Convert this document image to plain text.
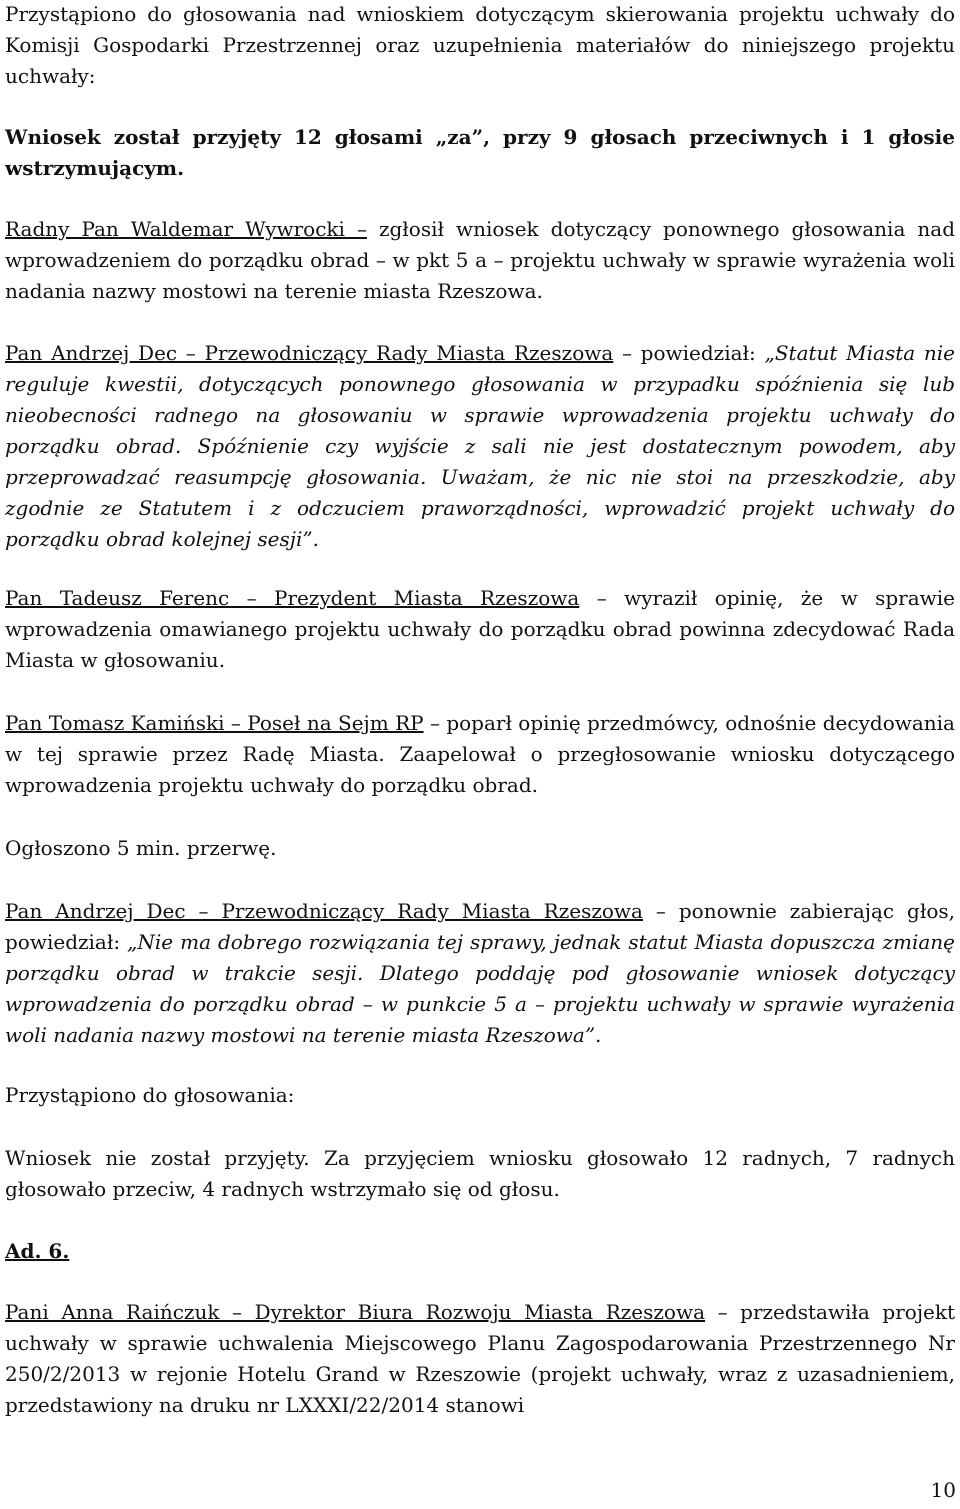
Przystąpiono do głosowania nad wnioskiem dotyczącym skierowania projektu uchwały do Komisji Gospodarki Przestrzennej oraz uzupełnienia materiałów do niniejszego projektu uchwały:

Wniosek został przyjęty 12 głosami „za”, przy 9 głosach przeciwnych i 1 głosie wstrzymującym.

Radny Pan Waldemar Wywrocki – zgłosił wniosek dotyczący ponownego głosowania nad wprowadzeniem do porządku obrad – w pkt 5 a – projektu uchwały w sprawie wyrażenia woli nadania nazwy mostowi na terenie miasta Rzeszowa.

Pan Andrzej Dec – Przewodniczący Rady Miasta Rzeszowa – powiedział: „Statut Miasta nie reguluje kwestii, dotyczących ponownego głosowania w przypadku spóźnienia się lub nieobecności radnego na głosowaniu w sprawie wprowadzenia projektu uchwały do porządku obrad. Spóźnienie czy wyjście z sali nie jest dostatecznym powodem, aby przeprowadzać reasumpcję głosowania. Uważam, że nic nie stoi na przeszkodzie, aby zgodnie ze Statutem i z odczuciem praworządności, wprowadzić projekt uchwały do porządku obrad kolejnej sesji”.

Pan Tadeusz Ferenc – Prezydent Miasta Rzeszowa – wyraził opinię, że w sprawie wprowadzenia omawianego projektu uchwały do porządku obrad powinna zdecydować Rada Miasta w głosowaniu.

Pan Tomasz Kamiński – Poseł na Sejm RP – poparł opinię przedmówcy, odnośnie decydowania w tej sprawie przez Radę Miasta. Zaapelował o przegłosowanie wniosku dotyczącego wprowadzenia projektu uchwały do porządku obrad.

Ogłoszono 5 min. przerwę.

Pan Andrzej Dec – Przewodniczący Rady Miasta Rzeszowa – ponownie zabierając głos, powiedział: „Nie ma dobrego rozwiązania tej sprawy, jednak statut Miasta dopuszcza zmianę porządku obrad w trakcie sesji. Dlatego poddaję pod głosowanie wniosek dotyczący wprowadzenia do porządku obrad – w punkcie 5 a – projektu uchwały w sprawie wyrażenia woli nadania nazwy mostowi na terenie miasta Rzeszowa”.

Przystąpiono do głosowania:

Wniosek nie został przyjęty. Za przyjęciem wniosku głosowało 12 radnych, 7 radnych głosowało przeciw, 4 radnych wstrzymało się od głosu.

Ad. 6.

Pani Anna Raińczuk – Dyrektor Biura Rozwoju Miasta Rzeszowa – przedstawiła projekt uchwały w sprawie uchwalenia Miejscowego Planu Zagospodarowania Przestrzennego Nr 250/2/2013 w rejonie Hotelu Grand w Rzeszowie (projekt uchwały, wraz z uzasadnieniem, przedstawiony na druku nr LXXXI/22/2014 stanowi

10
